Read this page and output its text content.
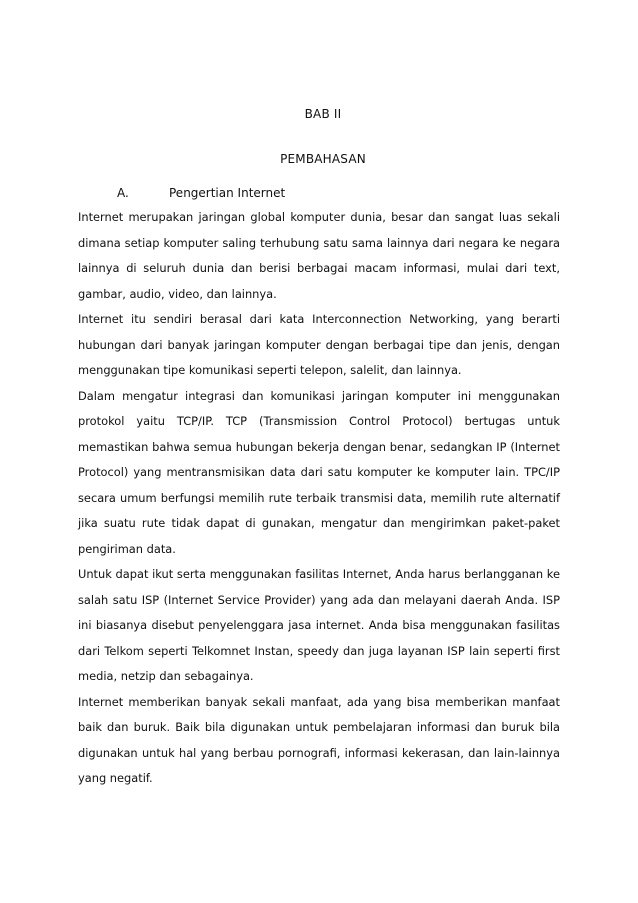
BAB II
PEMBAHASAN
A.	Pengertian Internet

Internet merupakan jaringan global komputer dunia, besar dan sangat luas sekali dimana setiap komputer saling terhubung satu sama lainnya dari negara ke negara lainnya di seluruh dunia dan berisi berbagai macam informasi, mulai dari text, gambar, audio, video, dan lainnya.

Internet itu sendiri berasal dari kata Interconnection Networking, yang berarti hubungan dari banyak jaringan komputer dengan berbagai tipe dan jenis, dengan menggunakan tipe komunikasi seperti telepon, salelit, dan lainnya.

Dalam mengatur integrasi dan komunikasi jaringan komputer ini menggunakan protokol yaitu TCP/IP. TCP (Transmission Control Protocol) bertugas untuk memastikan bahwa semua hubungan bekerja dengan benar, sedangkan IP (Internet Protocol) yang mentransmisikan data dari satu komputer ke komputer lain. TPC/IP secara umum berfungsi memilih rute terbaik transmisi data, memilih rute alternatif jika suatu rute tidak dapat di gunakan, mengatur dan mengirimkan paket-paket pengiriman data.

Untuk dapat ikut serta menggunakan fasilitas Internet, Anda harus berlangganan ke salah satu ISP (Internet Service Provider) yang ada dan melayani daerah Anda. ISP ini biasanya disebut penyelenggara jasa internet. Anda bisa menggunakan fasilitas dari Telkom seperti Telkomnet Instan, speedy dan juga layanan ISP lain seperti first media, netzip dan sebagainya.

Internet memberikan banyak sekali manfaat, ada yang bisa memberikan manfaat baik dan buruk. Baik bila digunakan untuk pembelajaran informasi dan buruk bila digunakan untuk hal yang berbau pornografi, informasi kekerasan, dan lain-lainnya yang negatif.
